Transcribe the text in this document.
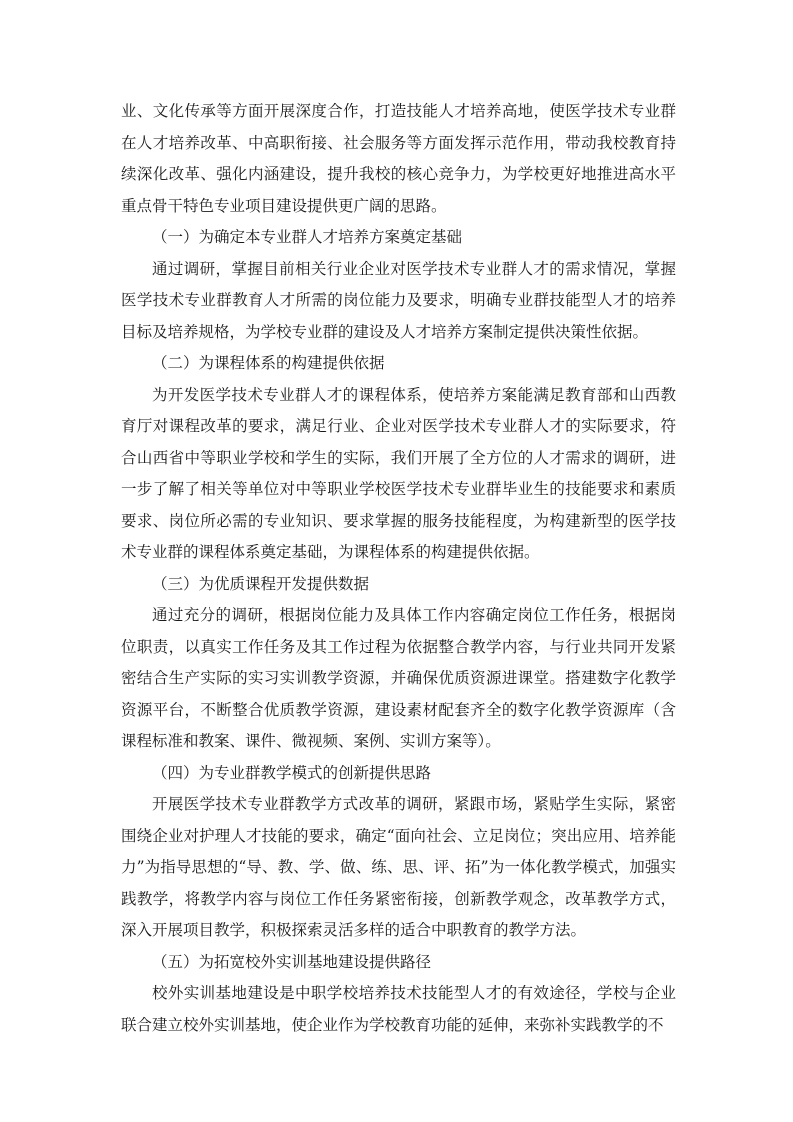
业、文化传承等方面开展深度合作，打造技能人才培养高地，使医学技术专业群在人才培养改革、中高职衔接、社会服务等方面发挥示范作用，带动我校教育持续深化改革、强化内涵建设，提升我校的核心竞争力，为学校更好地推进高水平重点骨干特色专业项目建设提供更广阔的思路。

（一）为确定本专业群人才培养方案奠定基础

通过调研，掌握目前相关行业企业对医学技术专业群人才的需求情况，掌握医学技术专业群教育人才所需的岗位能力及要求，明确专业群技能型人才的培养目标及培养规格，为学校专业群的建设及人才培养方案制定提供决策性依据。

（二）为课程体系的构建提供依据

为开发医学技术专业群人才的课程体系，使培养方案能满足教育部和山西教育厅对课程改革的要求，满足行业、企业对医学技术专业群人才的实际要求，符合山西省中等职业学校和学生的实际，我们开展了全方位的人才需求的调研，进一步了解了相关等单位对中等职业学校医学技术专业群毕业生的技能要求和素质要求、岗位所必需的专业知识、要求掌握的服务技能程度，为构建新型的医学技术专业群的课程体系奠定基础，为课程体系的构建提供依据。

（三）为优质课程开发提供数据

通过充分的调研，根据岗位能力及具体工作内容确定岗位工作任务，根据岗位职责，以真实工作任务及其工作过程为依据整合教学内容，与行业共同开发紧密结合生产实际的实习实训教学资源，并确保优质资源进课堂。搭建数字化教学资源平台，不断整合优质教学资源，建设素材配套齐全的数字化教学资源库（含课程标准和教案、课件、微视频、案例、实训方案等）。

（四）为专业群教学模式的创新提供思路

开展医学技术专业群教学方式改革的调研，紧跟市场，紧贴学生实际，紧密围绕企业对护理人才技能的要求，确定“面向社会、立足岗位；突出应用、培养能力”为指导思想的“导、教、学、做、练、思、评、拓”为一体化教学模式，加强实践教学，将教学内容与岗位工作任务紧密衔接，创新教学观念，改革教学方式，深入开展项目教学，积极探索灵活多样的适合中职教育的教学方法。

（五）为拓宽校外实训基地建设提供路径

校外实训基地建设是中职学校培养技术技能型人才的有效途径，学校与企业联合建立校外实训基地，使企业作为学校教育功能的延伸，来弥补实践教学的不
